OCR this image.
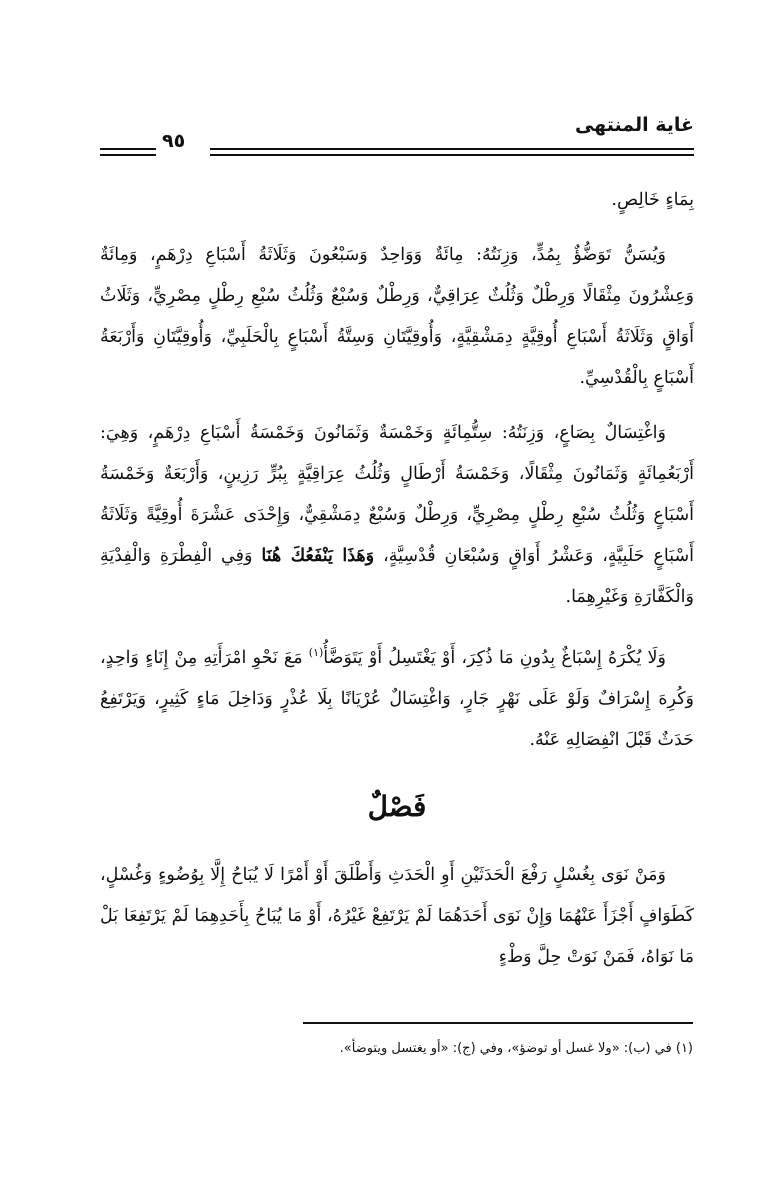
غاية المنتهى
٩٥

بِمَاءٍ خَالِصٍ.

وَيُسَنُّ تَوَضُّؤٌ بِمُدٍّ، وَزِنَتُهُ: مِائَةٌ وَوَاحِدٌ وَسَبْعُونَ وَثَلَاثَةُ أَسْبَاعِ دِرْهَمٍ، وَمِائَةٌ وَعِشْرُونَ مِثْقَالًا وَرِطْلٌ وَثُلُثٌ عِرَاقِيٌّ، وَرِطْلٌ وَسُبْعٌ وَثُلُثُ سُبْعِ رِطْلٍ مِصْرِيٍّ، وَثَلَاثُ أَوَاقٍ وَثَلَاثَةُ أَسْبَاعِ أُوقِيَّةٍ دِمَشْقِيَّةٍ، وَأُوقِيَّتَانِ وَسِتَّةُ أَسْبَاعٍ بِالْحَلَبِيِّ، وَأُوقِيَّتَانِ وَأَرْبَعَةُ أَسْبَاعٍ بِالْقُدْسِيِّ.

وَاغْتِسَالٌ بِصَاعٍ، وَزِنَتُهُ: سِتُّمِائَةٍ وَخَمْسَةٌ وَثَمَانُونَ وَخَمْسَةُ أَسْبَاعِ دِرْهَمٍ، وَهِيَ: أَرْبَعُمِائَةٍ وَثَمَانُونَ مِثْقَالًا، وَخَمْسَةُ أَرْطَالٍ وَثُلُثُ عِرَاقِيَّةٍ بِبُرٍّ رَزِينٍ، وَأَرْبَعَةٌ وَخَمْسَةُ أَسْبَاعٍ وَثُلُثُ سُبْعِ رِطْلٍ مِصْرِيٍّ، وَرِطْلٌ وَسُبْعٌ دِمَشْقِيٌّ، وَإِحْدَى عَشْرَةَ أُوقِيَّةً وَثَلَاثَةُ أَسْبَاعٍ حَلَبِيَّةٍ، وَعَشْرُ أَوَاقٍ وَسُبْعَانِ قُدْسِيَّةٍ، وَهَذَا يَنْفَعُكَ هُنَا وَفِي الْفِطْرَةِ وَالْفِدْيَةِ وَالْكَفَّارَةِ وَغَيْرِهِمَا.

وَلَا يُكْرَهُ إِسْبَاغٌ بِدُونِ مَا ذُكِرَ، أَوْ يَغْتَسِلُ أَوْ يَتَوَضَّأُ$^{(١)}$ مَعَ نَحْوِ امْرَأَتِهِ مِنْ إِنَاءٍ وَاحِدٍ، وَكُرِهَ إِسْرَافٌ وَلَوْ عَلَى نَهْرٍ جَارٍ، وَاغْتِسَالٌ عُرْيَانًا بِلَا عُذْرٍ وَدَاخِلَ مَاءٍ كَثِيرٍ، وَيَرْتَفِعُ حَدَثٌ قَبْلَ انْفِصَالِهِ عَنْهُ.

فَصْلٌ

وَمَنْ نَوَى بِغُسْلٍ رَفْعَ الْحَدَثَيْنِ أَوِ الْحَدَثِ وَأَطْلَقَ أَوْ أَمْرًا لَا يُبَاحُ إِلَّا بِوُضُوءٍ وَغُسْلٍ، كَطَوَافٍ أَجْزَأَ عَنْهُمَا وَإِنْ نَوَى أَحَدَهُمَا لَمْ يَرْتَفِعْ غَيْرُهُ، أَوْ مَا يُبَاحُ بِأَحَدِهِمَا لَمْ يَرْتَفِعَا بَلْ مَا نَوَاهُ، فَمَنْ نَوَتْ حِلَّ وَطْءٍ

(١) في (ب): «ولا غسل أو توضؤ»، وفي (ج): «أو يغتسل ويتوضأ».
